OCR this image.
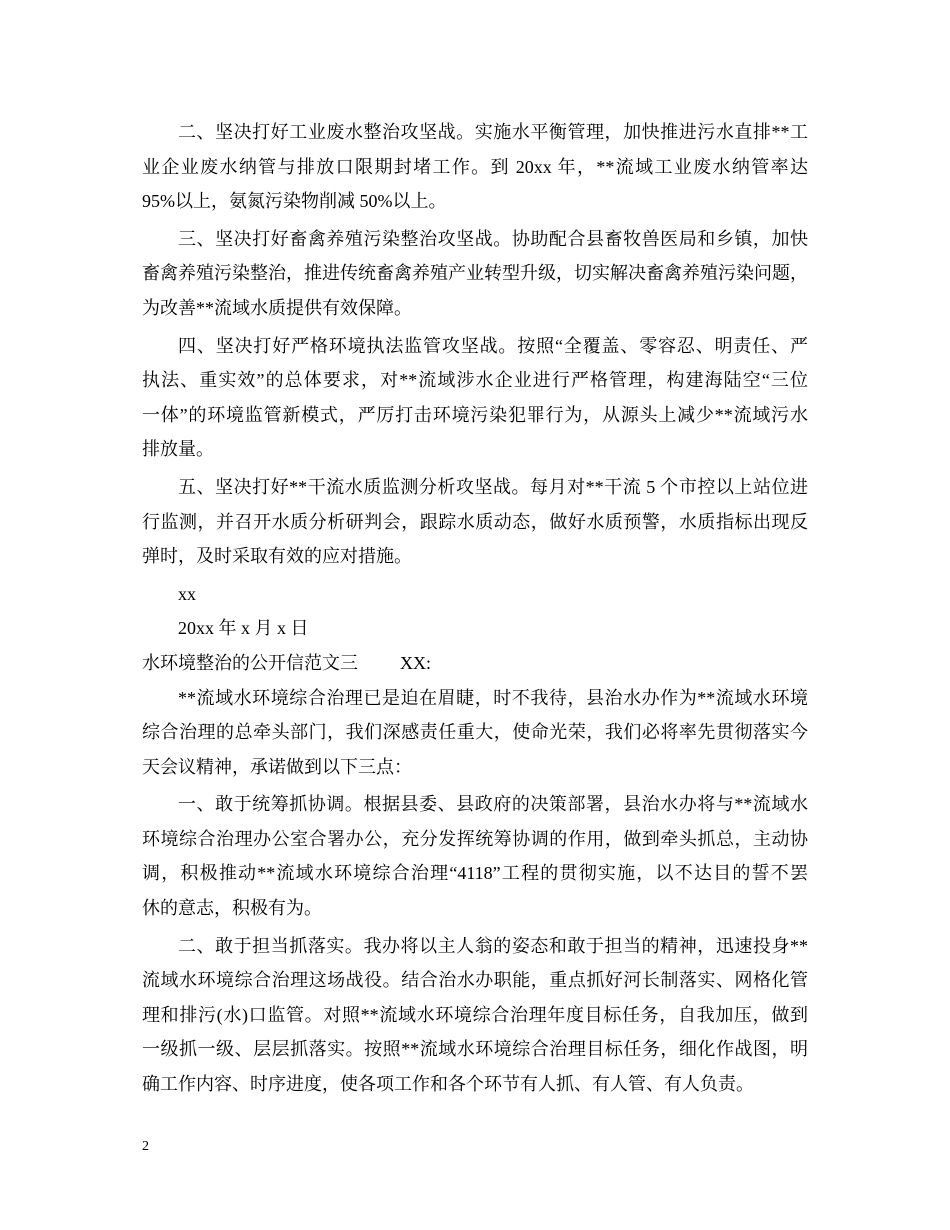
二、坚决打好工业废水整治攻坚战。实施水平衡管理，加快推进污水直排**工
业企业废水纳管与排放口限期封堵工作。到 20xx 年，**流域工业废水纳管率达
95%以上，氨氮污染物削减 50%以上。
三、坚决打好畜禽养殖污染整治攻坚战。协助配合县畜牧兽医局和乡镇，加快
畜禽养殖污染整治，推进传统畜禽养殖产业转型升级，切实解决畜禽养殖污染问题，
为改善**流域水质提供有效保障。
四、坚决打好严格环境执法监管攻坚战。按照“全覆盖、零容忍、明责任、严
执法、重实效”的总体要求，对**流域涉水企业进行严格管理，构建海陆空“三位
一体”的环境监管新模式，严厉打击环境污染犯罪行为，从源头上减少**流域污水
排放量。
五、坚决打好**干流水质监测分析攻坚战。每月对**干流 5 个市控以上站位进
行监测，并召开水质分析研判会，跟踪水质动态，做好水质预警，水质指标出现反
弹时，及时采取有效的应对措施。
xx
20xx 年 x 月 x 日
水环境整治的公开信范文三 XX:
**流域水环境综合治理已是迫在眉睫，时不我待，县治水办作为**流域水环境
综合治理的总牵头部门，我们深感责任重大，使命光荣，我们必将率先贯彻落实今
天会议精神，承诺做到以下三点：
一、敢于统筹抓协调。根据县委、县政府的决策部署，县治水办将与**流域水
环境综合治理办公室合署办公，充分发挥统筹协调的作用，做到牵头抓总，主动协
调，积极推动**流域水环境综合治理“4118”工程的贯彻实施，以不达目的誓不罢
休的意志，积极有为。
二、敢于担当抓落实。我办将以主人翁的姿态和敢于担当的精神，迅速投身**
流域水环境综合治理这场战役。结合治水办职能，重点抓好河长制落实、网格化管
理和排污(水)口监管。对照**流域水环境综合治理年度目标任务，自我加压，做到
一级抓一级、层层抓落实。按照**流域水环境综合治理目标任务，细化作战图，明
确工作内容、时序进度，使各项工作和各个环节有人抓、有人管、有人负责。
2
